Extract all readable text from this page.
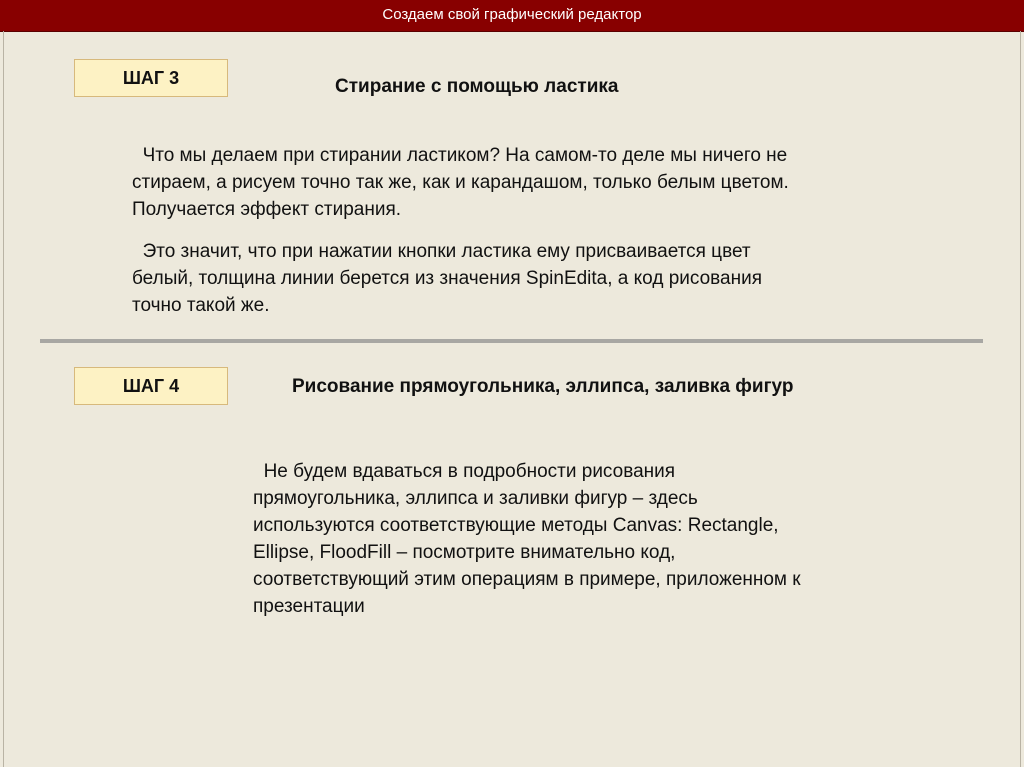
Создаем свой графический редактор
ШАГ 3	Стирание с помощью ластика

Что мы делаем при стирании ластиком? На самом-то деле мы ничего не
стираем, а рисуем точно так же, как и карандашом, только белым цветом.
Получается эффект стирания.

Это значит, что при нажатии кнопки ластика ему присваивается цвет
белый, толщина линии берется из значения SpinEdita, а код рисования
точно такой же.

ШАГ 4	Рисование прямоугольника, эллипса, заливка фигур

Не будем вдаваться в подробности рисования
прямоугольника, эллипса и заливки фигур – здесь
используются соответствующие методы Canvas: Rectangle,
Ellipse, FloodFill – посмотрите внимательно код,
соответствующий этим операциям в примере, приложенном к
презентации
